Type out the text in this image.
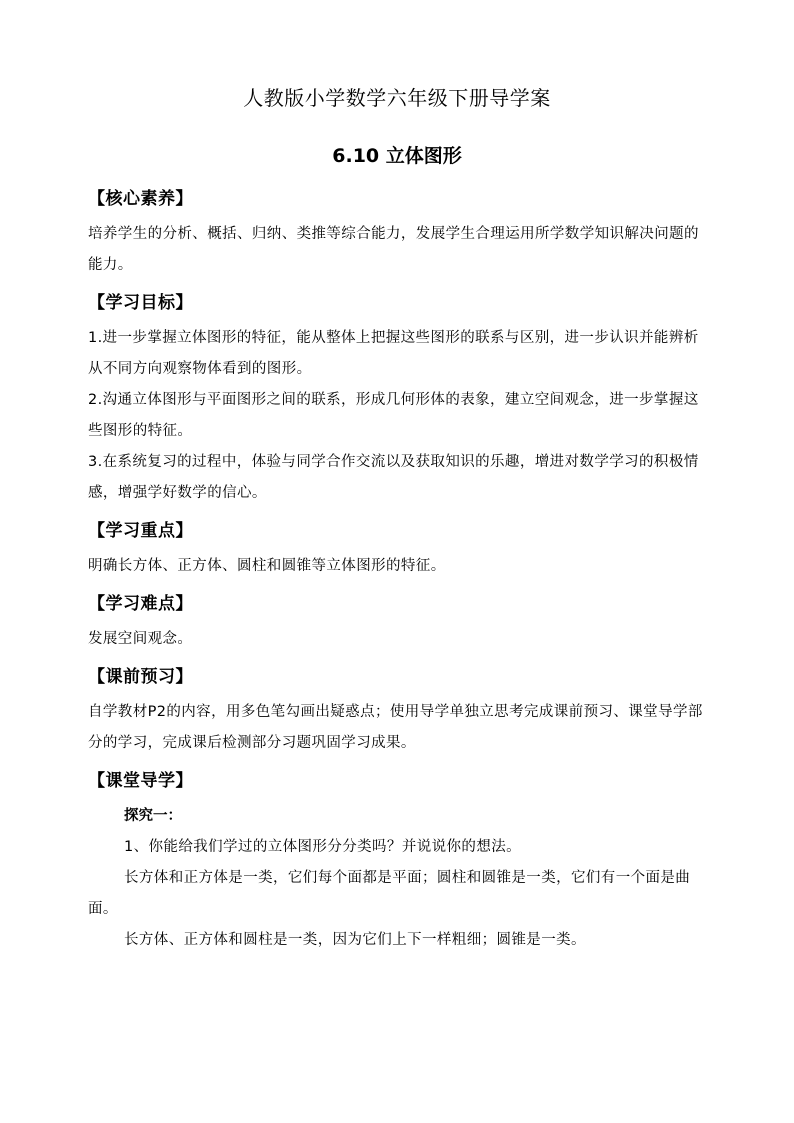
人教版小学数学六年级下册导学案
6.10 立体图形

【核心素养】

培养学生的分析、概括、归纳、类推等综合能力，发展学生合理运用所学数学知识解决问题的能力。

【学习目标】

1.进一步掌握立体图形的特征，能从整体上把握这些图形的联系与区别，进一步认识并能辨析从不同方向观察物体看到的图形。

2.沟通立体图形与平面图形之间的联系，形成几何形体的表象，建立空间观念，进一步掌握这些图形的特征。

3.在系统复习的过程中，体验与同学合作交流以及获取知识的乐趣，增进对数学学习的积极情感，增强学好数学的信心。

【学习重点】

明确长方体、正方体、圆柱和圆锥等立体图形的特征。

【学习难点】

发展空间观念。

【课前预习】

自学教材P2的内容，用多色笔勾画出疑惑点；使用导学单独立思考完成课前预习、课堂导学部分的学习，完成课后检测部分习题巩固学习成果。

【课堂导学】

探究一：

1、你能给我们学过的立体图形分分类吗？并说说你的想法。

长方体和正方体是一类，它们每个面都是平面；圆柱和圆锥是一类，它们有一个面是曲面。

长方体、正方体和圆柱是一类，因为它们上下一样粗细；圆锥是一类。
